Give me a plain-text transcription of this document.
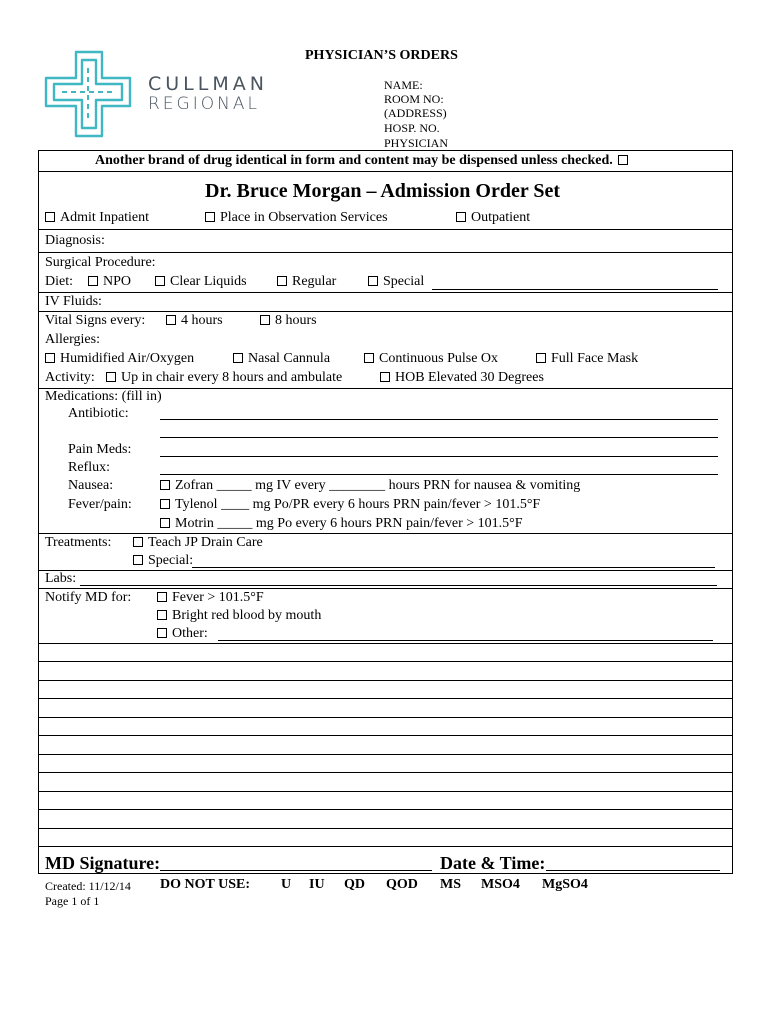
CULLMAN
REGIONAL
PHYSICIAN’S ORDERS
NAME:
ROOM NO:
(ADDRESS)
HOSP. NO.
PHYSICIAN
Another brand of drug identical in form and content may be dispensed unless checked.
Dr. Bruce Morgan – Admission Order Set
Admit Inpatient	Place in Observation Services	Outpatient
Diagnosis:
Surgical Procedure:
Diet:	NPO	Clear Liquids	Regular	Special
IV Fluids:
Vital Signs every:	4 hours	8 hours
Allergies:
Humidified Air/Oxygen	Nasal Cannula	Continuous Pulse Ox	Full Face Mask
Activity:	Up in chair every 8 hours and ambulate	HOB Elevated 30 Degrees
Medications: (fill in)
Antibiotic:
Pain Meds:
Reflux:
Nausea:	Zofran _____ mg IV every ________ hours PRN for nausea & vomiting
Fever/pain:	Tylenol ____ mg Po/PR every 6 hours PRN pain/fever > 101.5°F
Motrin _____ mg Po every 6 hours PRN pain/fever > 101.5°F
Treatments:	Teach JP Drain Care
Special:
Labs:
Notify MD for:	Fever > 101.5°F
Bright red blood by mouth
Other:
MD Signature:	Date & Time:
Created: 11/12/14
Page 1 of 1
DO NOT USE: U IU QD QOD MS MSO4 MgSO4
